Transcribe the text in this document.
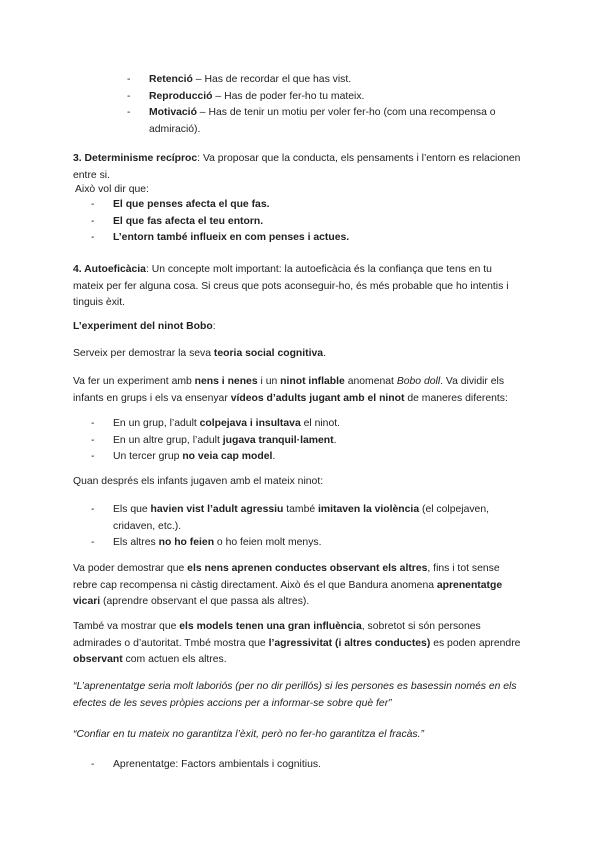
- Retenció – Has de recordar el que has vist.
- Reproducció – Has de poder fer-ho tu mateix.
- Motivació – Has de tenir un motiu per voler fer-ho (com una recompensa o admiració).

3. Determinisme recíproc: Va proposar que la conducta, els pensaments i l’entorn es relacionen entre si.

Això vol dir que:

- El que penses afecta el que fas.
- El que fas afecta el teu entorn.
- L’entorn també influeix en com penses i actues.

4. Autoeficàcia: Un concepte molt important: la autoeficàcia és la confiança que tens en tu mateix per fer alguna cosa. Si creus que pots aconseguir-ho, és més probable que ho intentis i tinguis èxit.

L’experiment del ninot Bobo:

Serveix per demostrar la seva teoria social cognitiva.

Va fer un experiment amb nens i nenes i un ninot inflable anomenat Bobo doll. Va dividir els infants en grups i els va ensenyar vídeos d’adults jugant amb el ninot de maneres diferents:

- En un grup, l’adult colpejava i insultava el ninot.
- En un altre grup, l’adult jugava tranquil·lament.
- Un tercer grup no veia cap model.

Quan després els infants jugaven amb el mateix ninot:

- Els que havien vist l’adult agressiu també imitaven la violència (el colpejaven, cridaven, etc.).
- Els altres no ho feien o ho feien molt menys.

Va poder demostrar que els nens aprenen conductes observant els altres, fins i tot sense rebre cap recompensa ni càstig directament. Això és el que Bandura anomena aprenentatge vicari (aprendre observant el que passa als altres).

També va mostrar que els models tenen una gran influència, sobretot si són persones admirades o d’autoritat. Tmbé mostra que l’agressivitat (i altres conductes) es poden aprendre observant com actuen els altres.

“L’aprenentatge seria molt laboriós (per no dir perillós) si les persones es basessin només en els efectes de les seves pròpies accions per a informar-se sobre què fer”

“Confiar en tu mateix no garantitza l’èxit, però no fer-ho garantitza el fracàs.”

- Aprenentatge: Factors ambientals i cognitius.
